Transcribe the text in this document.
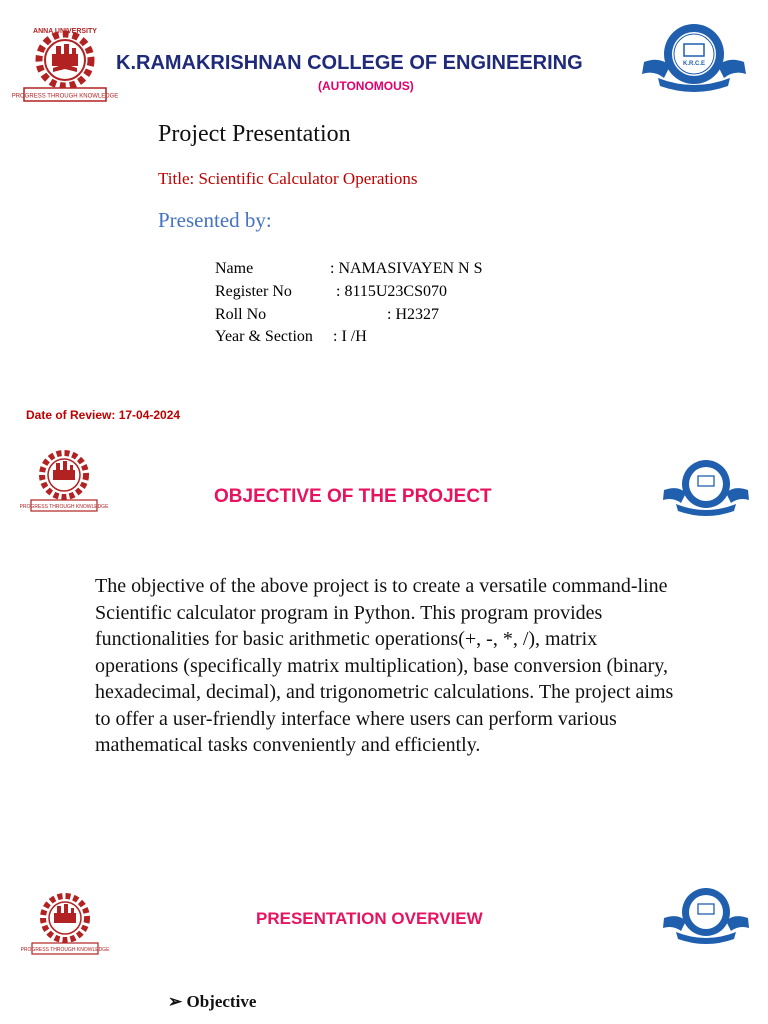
PROGRESS THROUGH KNOWLEDGE
ANNA UNIVERSITY
K.RAMAKRISHNAN COLLEGE OF ENGINEERING
(AUTONOMOUS)
K.R.C.E
Project Presentation
Title: Scientific Calculator Operations
Presented by:
Name	: NAMASIVAYEN N S
Register No	: 8115U23CS070
Roll No	: H2327
Year & Section : I /H
Date of Review: 17-04-2024
PROGRESS THROUGH KNOWLEDGE	OBJECTIVE OF THE PROJECT
The objective of the above project is to create a versatile command-line Scientific calculator program in Python. This program provides functionalities for basic arithmetic operations(+, -, *, /), matrix operations (specifically matrix multiplication), base conversion (binary, hexadecimal, decimal), and trigonometric calculations. The project aims to offer a user-friendly interface where users can perform various mathematical tasks conveniently and efficiently.
PROGRESS THROUGH KNOWLEDGE
PRESENTATION OVERVIEW
➢ Objective
